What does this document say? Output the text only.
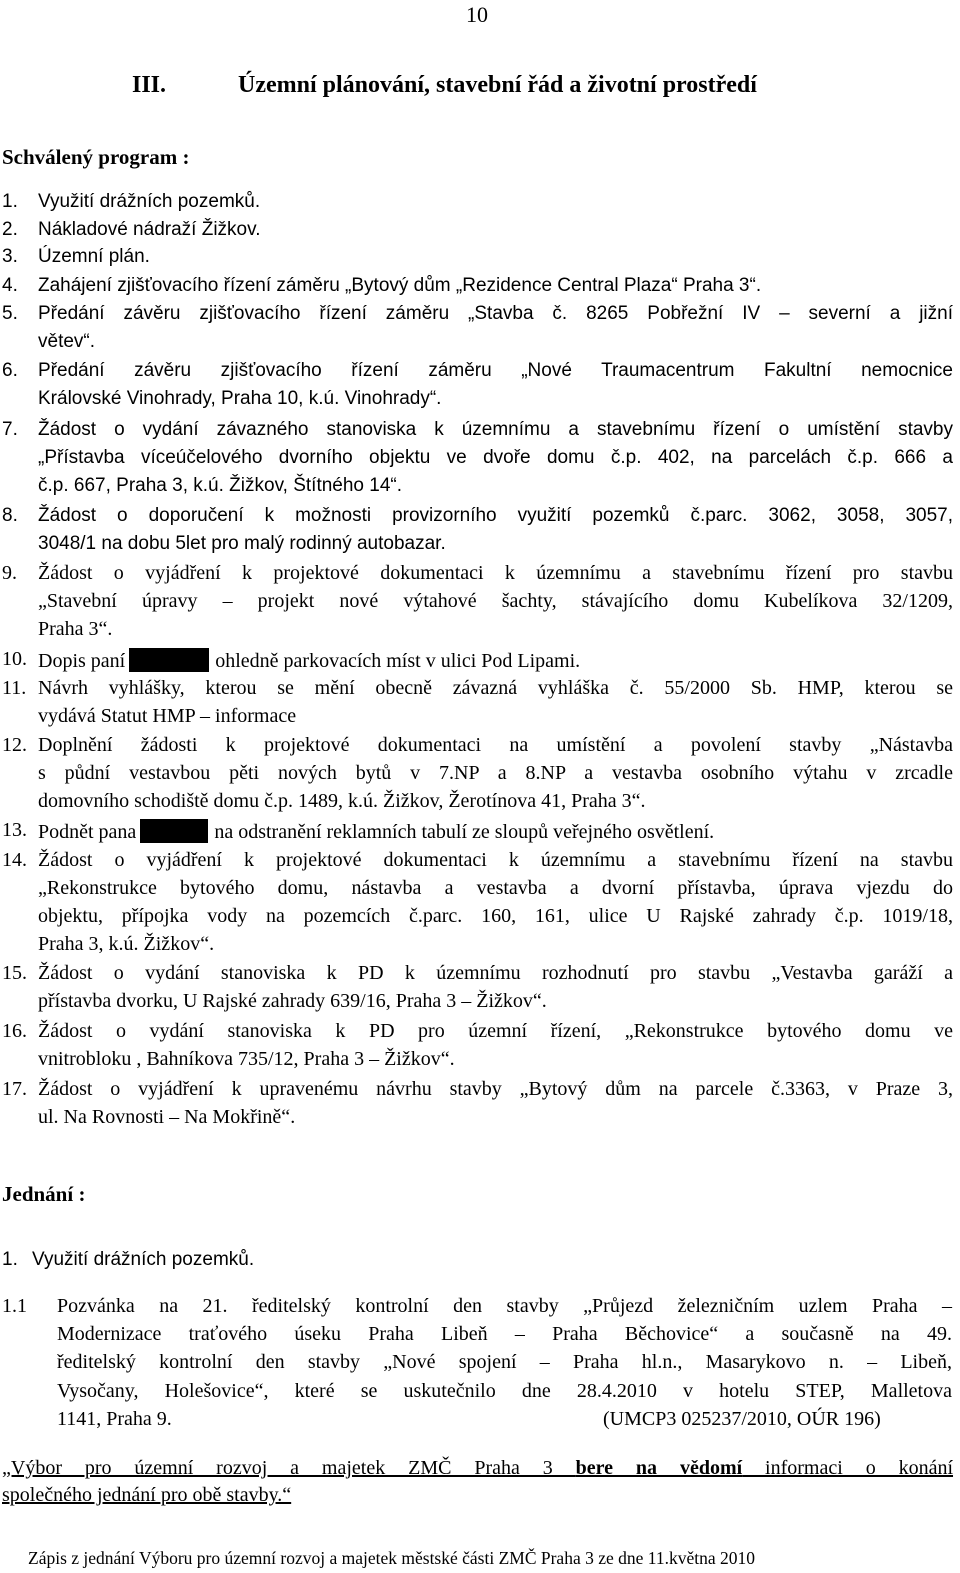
10
III.	Územní plánování, stavební řád a životní prostředí
Schválený program :
1. Využití drážních pozemků.
2. Nákladové nádraží Žižkov.
3. Územní plán.
4. Zahájení zjišťovacího řízení záměru „Bytový dům „Rezidence Central Plaza“ Praha 3“.
5. Předání závěru zjišťovacího řízení záměru „Stavba č. 8265 Pobřežní IV – severní a jižní
větev“.
6. Předání závěru zjišťovacího řízení záměru „Nové Traumacentrum Fakultní nemocnice
Královské Vinohrady, Praha 10, k.ú. Vinohrady“.
7. Žádost o vydání závazného stanoviska k územnímu a stavebnímu řízení o umístění stavby
„Přístavba víceúčelového dvorního objektu ve dvoře domu č.p. 402, na parcelách č.p. 666 a
č.p. 667, Praha 3, k.ú. Žižkov, Štítného 14“.
8. Žádost o doporučení k možnosti provizorního využití pozemků č.parc. 3062, 3058, 3057,
3048/1 na dobu 5let pro malý rodinný autobazar.
9. Žádost o vyjádření k projektové dokumentaci k územnímu a stavebnímu řízení pro stavbu
„Stavební úpravy – projekt nové výtahové šachty, stávajícího domu Kubelíkova 32/1209,
Praha 3“.
10. Dopis paní	ohledně parkovacích míst v ulici Pod Lipami.
11. Návrh vyhlášky, kterou se mění obecně závazná vyhláška č. 55/2000 Sb. HMP, kterou se
vydává Statut HMP – informace
12. Doplnění žádosti k projektové dokumentaci na umístění a povolení stavby „Nástavba
s půdní vestavbou pěti nových bytů v 7.NP a 8.NP a vestavba osobního výtahu v zrcadle
domovního schodiště domu č.p. 1489, k.ú. Žižkov, Žerotínova 41, Praha 3“.
13. Podnět pana	na odstranění reklamních tabulí ze sloupů veřejného osvětlení.
14. Žádost o vyjádření k projektové dokumentaci k územnímu a stavebnímu řízení na stavbu
„Rekonstrukce bytového domu, nástavba a vestavba a dvorní přístavba, úprava vjezdu do
objektu, přípojka vody na pozemcích č.parc. 160, 161, ulice U Rajské zahrady č.p. 1019/18,
Praha 3, k.ú. Žižkov“.
15. Žádost o vydání stanoviska k PD k územnímu rozhodnutí pro stavbu „Vestavba garáží a
přístavba dvorku, U Rajské zahrady 639/16, Praha 3 – Žižkov“.
16. Žádost o vydání stanoviska k PD pro územní řízení, „Rekonstrukce bytového domu ve
vnitrobloku , Bahníkova 735/12, Praha 3 – Žižkov“.
17. Žádost o vyjádření k upravenému návrhu stavby „Bytový dům na parcele č.3363, v Praze 3,
ul. Na Rovnosti – Na Mokřině“.
Jednání :
1. Využití drážních pozemků.
1.1 Pozvánka na 21. ředitelský kontrolní den stavby „Průjezd železničním uzlem Praha –
Modernizace traťového úseku Praha Libeň – Praha Běchovice“ a současně na 49.
ředitelský kontrolní den stavby „Nové spojení – Praha hl.n., Masarykovo n. – Libeň,
Vysočany, Holešovice“, které se uskutečnilo dne 28.4.2010 v hotelu STEP, Malletova
1141, Praha 9.	(UMCP3 025237/2010, OÚR 196)
„Výbor pro územní rozvoj a majetek ZMČ Praha 3 bere na vědomí informaci o konání
společného jednání pro obě stavby.“
Zápis z jednání Výboru pro územní rozvoj a majetek městské části ZMČ Praha 3 ze dne 11.května 2010
